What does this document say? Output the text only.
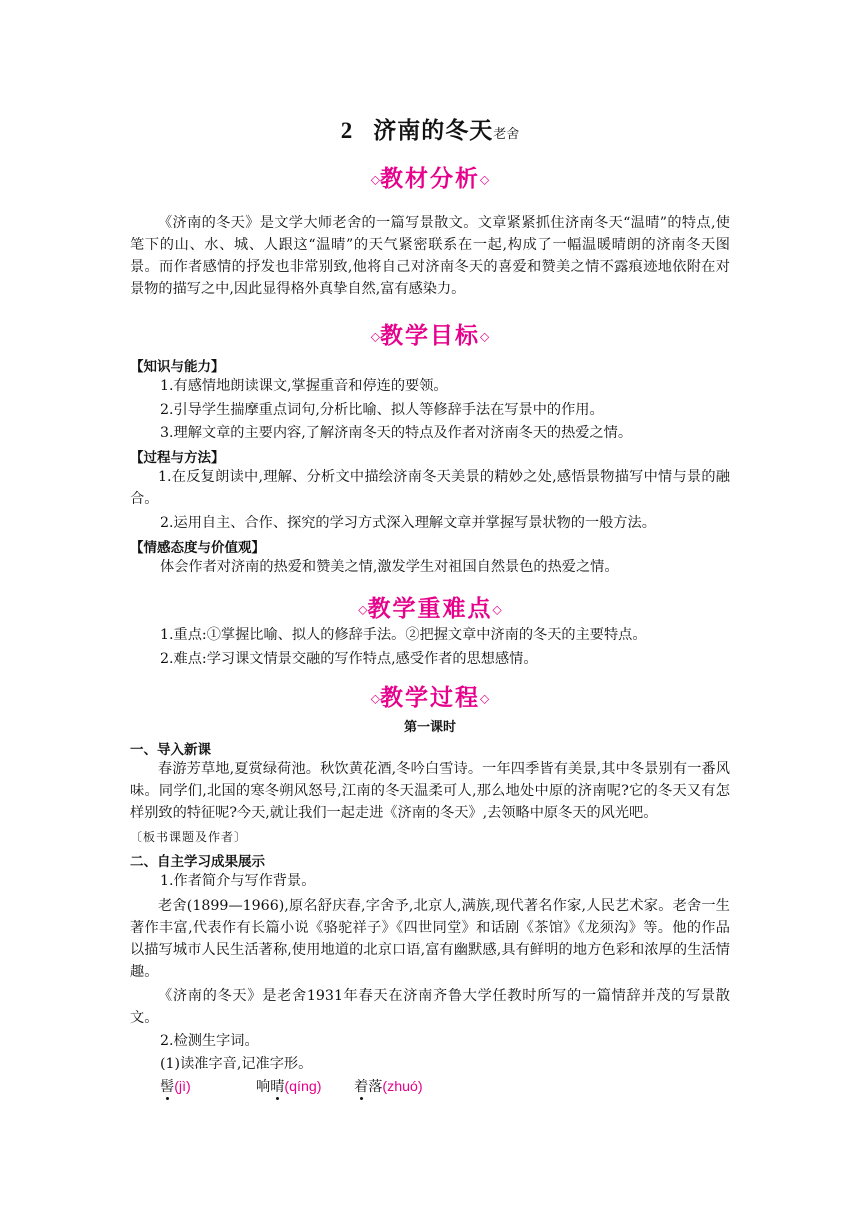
2 济南的冬天老舍
◇教材分析◇

《济南的冬天》是文学大师老舍的一篇写景散文。文章紧紧抓住济南冬天“温晴”的特点,使笔下的山、水、城、人跟这“温晴”的天气紧密联系在一起,构成了一幅温暖晴朗的济南冬天图景。而作者感情的抒发也非常别致,他将自己对济南冬天的喜爱和赞美之情不露痕迹地依附在对景物的描写之中,因此显得格外真挚自然,富有感染力。

◇教学目标◇
【知识与能力】
1.有感情地朗读课文,掌握重音和停连的要领。
2.引导学生揣摩重点词句,分析比喻、拟人等修辞手法在写景中的作用。
3.理解文章的主要内容,了解济南冬天的特点及作者对济南冬天的热爱之情。
【过程与方法】

1.在反复朗读中,理解、分析文中描绘济南冬天美景的精妙之处,感悟景物描写中情与景的融合。

2.运用自主、合作、探究的学习方式深入理解文章并掌握写景状物的一般方法。
【情感态度与价值观】
体会作者对济南的热爱和赞美之情,激发学生对祖国自然景色的热爱之情。
◇教学重难点◇
1.重点:①掌握比喻、拟人的修辞手法。②把握文章中济南的冬天的主要特点。
2.难点:学习课文情景交融的写作特点,感受作者的思想感情。
◇教学过程◇
第一课时
一、导入新课

春游芳草地,夏赏绿荷池。秋饮黄花酒,冬吟白雪诗。一年四季皆有美景,其中冬景别有一番风味。同学们,北国的寒冬朔风怒号,江南的冬天温柔可人,那么地处中原的济南呢?它的冬天又有怎样别致的特征呢?今天,就让我们一起走进《济南的冬天》,去领略中原冬天的风光吧。

〔板书课题及作者〕
二、自主学习成果展示
1.作者简介与写作背景。

老舍(1899—1966),原名舒庆春,字舍予,北京人,满族,现代著名作家,人民艺术家。老舍一生著作丰富,代表作有长篇小说《骆驼祥子》《四世同堂》和话剧《茶馆》《龙须沟》等。他的作品以描写城市人民生活著称,使用地道的北京口语,富有幽默感,具有鲜明的地方色彩和浓厚的生活情趣。

《济南的冬天》是老舍1931年春天在济南齐鲁大学任教时所写的一篇情辞并茂的写景散文。

2.检测生字词。
(1)读准字音,记准字形。
髻(jì)	响晴(qíng) 着落(zhuó)
